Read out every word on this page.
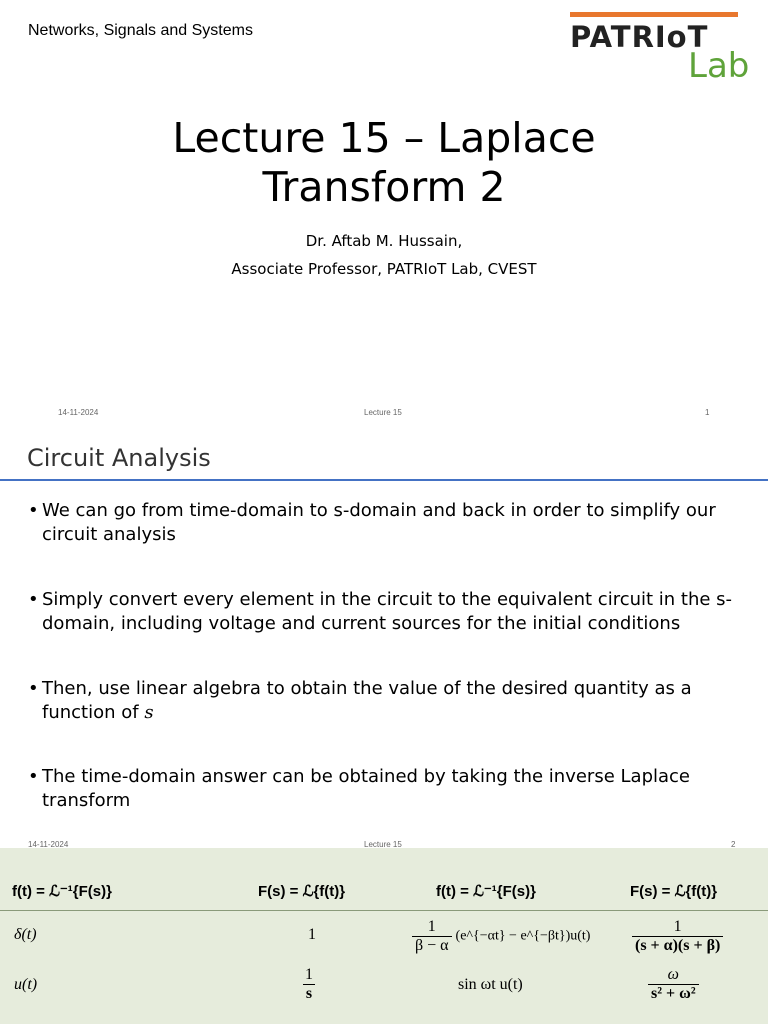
Networks, Signals and Systems	PATRIoT
Lab
Lecture 15 – Laplace
Transform 2
Dr. Aftab M. Hussain,
Associate Professor, PATRIoT Lab, CVEST
14-11-2024	Lecture 15	1
Circuit Analysis
• We can go from time-domain to s-domain and back in order to simplify our circuit analysis
• Simply convert every element in the circuit to the equivalent circuit in the s-domain, including voltage and current sources for the initial conditions
• Then, use linear algebra to obtain the value of the desired quantity as a function of s
• The time-domain answer can be obtained by taking the inverse Laplace transform
14-11-2024	Lecture 15	2
f(t) = ℒ⁻¹{F(s)}	F(s) = ℒ{f(t)}	f(t) = ℒ⁻¹{F(s)}	F(s) = ℒ{f(t)}
δ(t)	1	$\frac{1}{\beta - \alpha}$ (e^{−αt} − e^{−βt})u(t)	$\frac{1}{(s + \alpha)(s + \beta)}$
u(t)	$\frac{1}{s}$	sin ωt u(t)	$\frac{\omega}{\text{s² + ω²}}$
